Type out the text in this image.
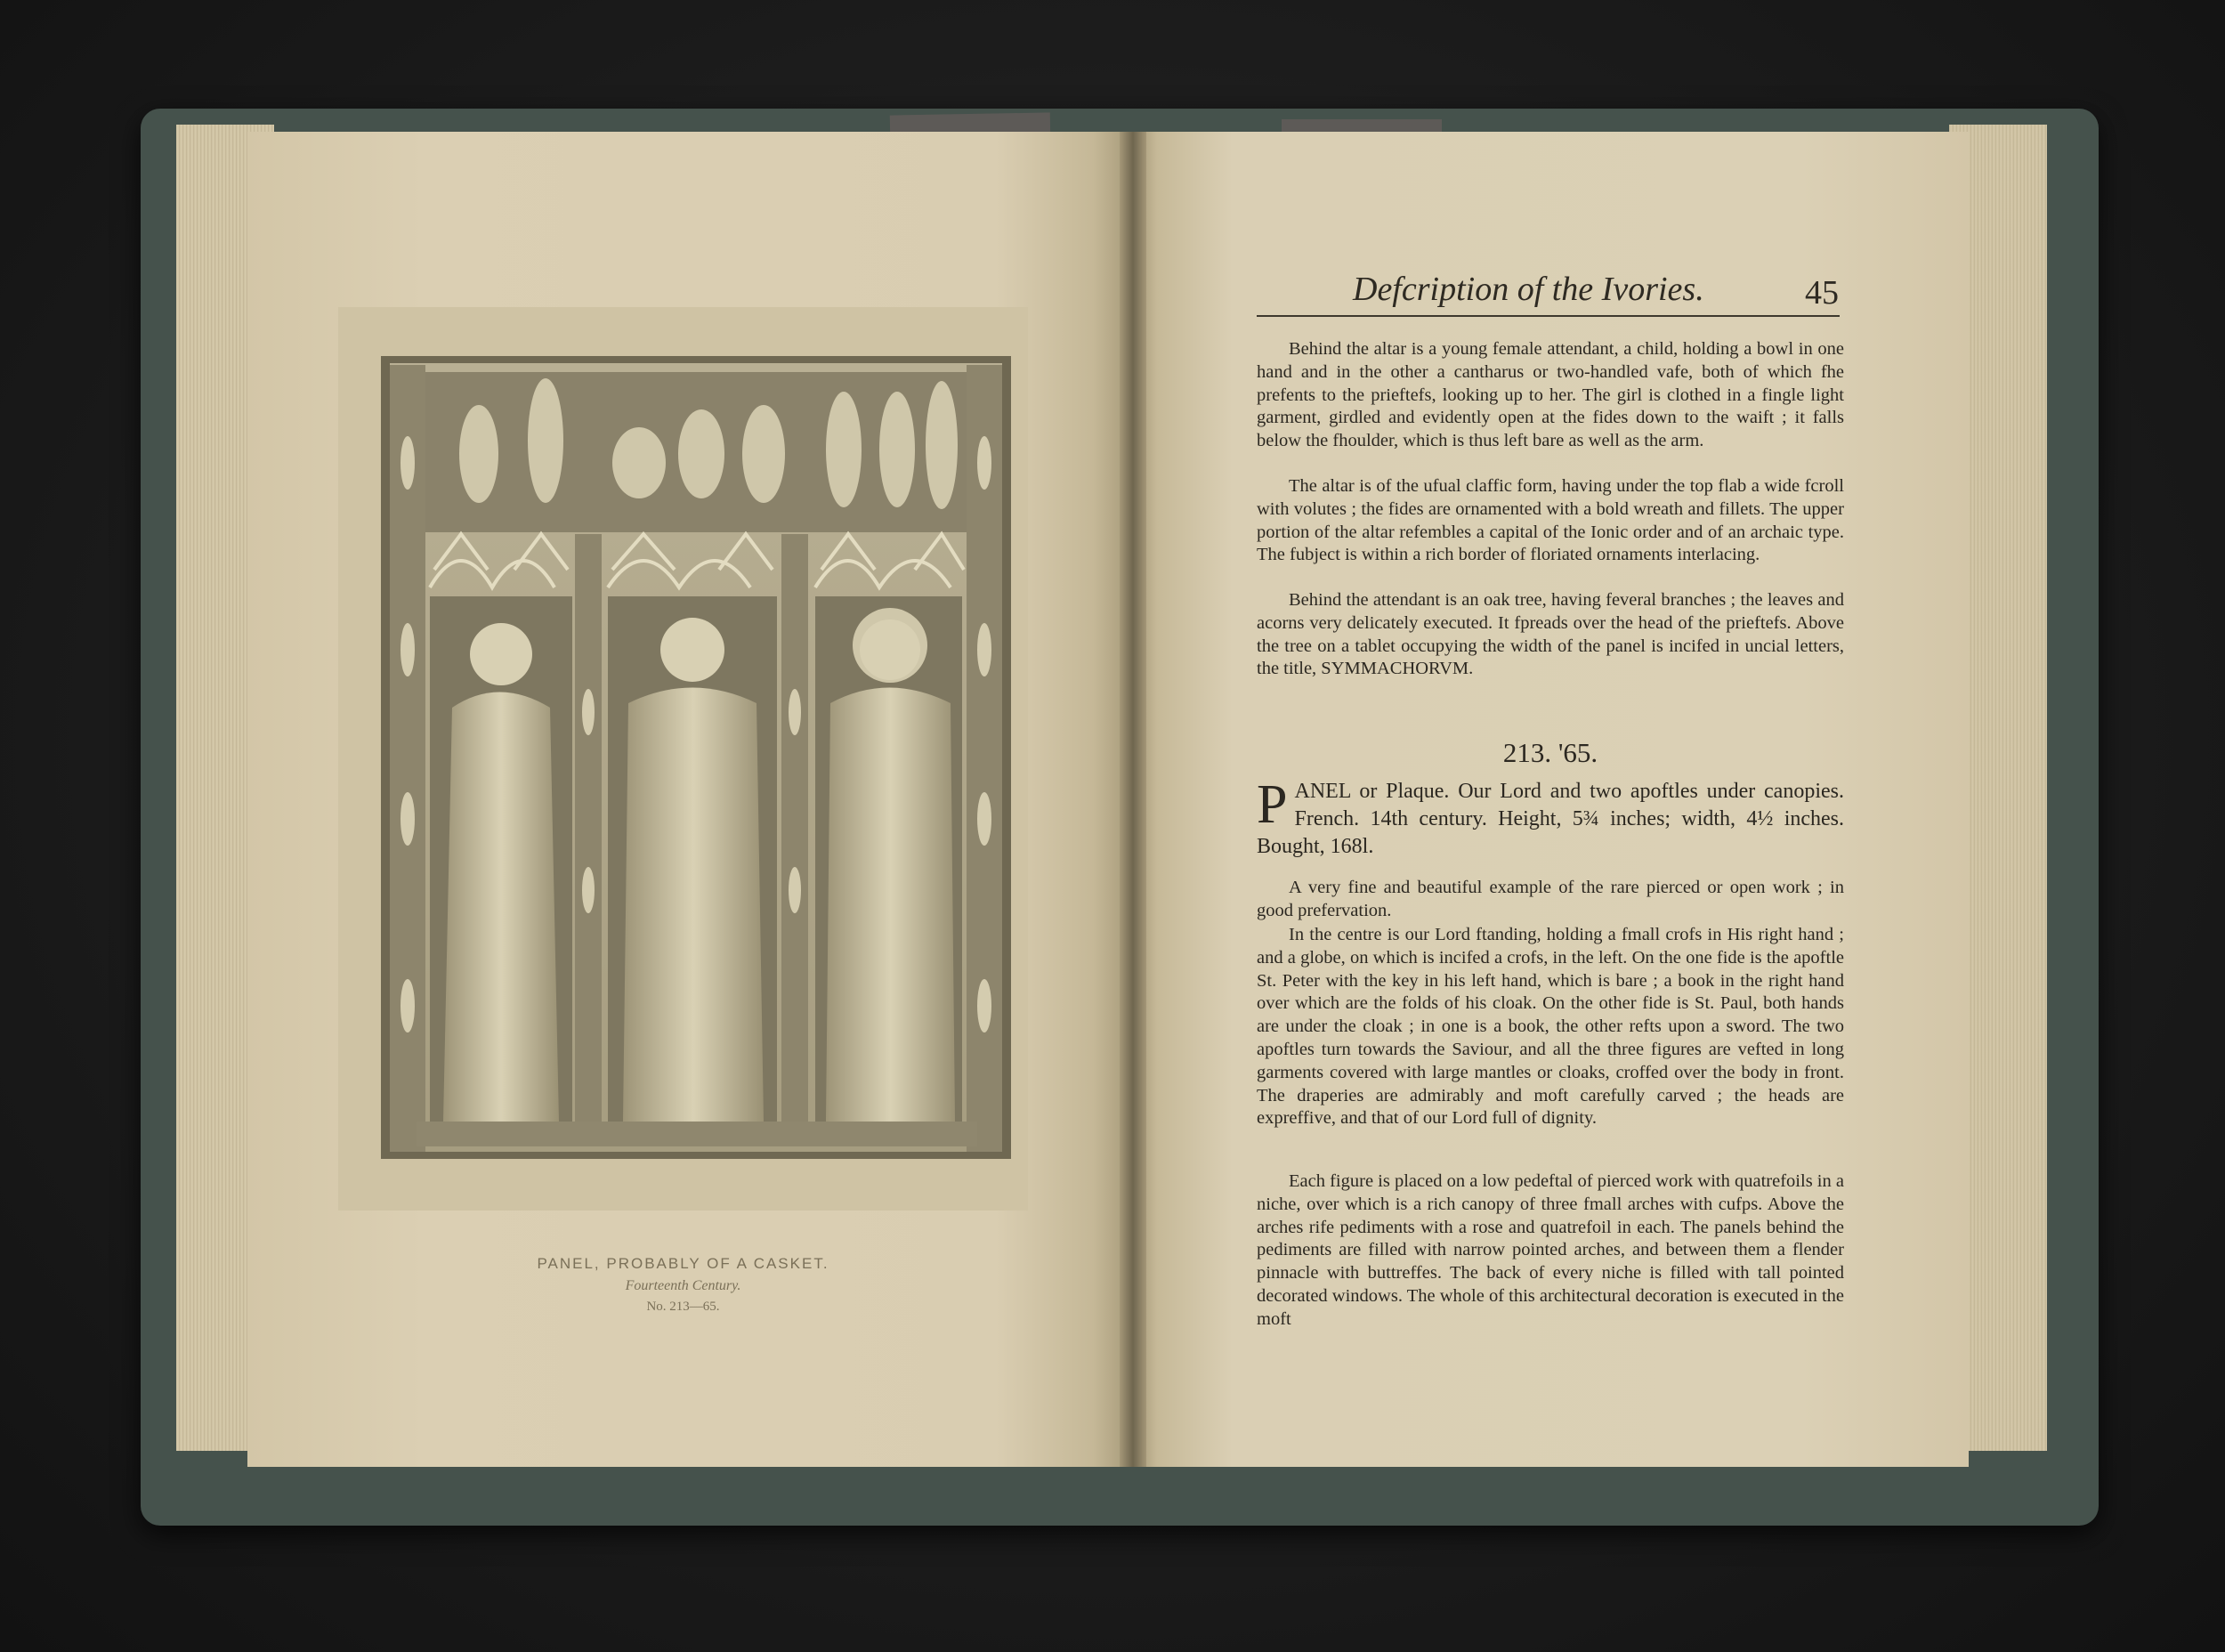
PANEL, PROBABLY OF A CASKET.
Fourteenth Century.
No. 213—65.
Defcription of the Ivories.	45

Behind the altar is a young female attendant, a child, holding a bowl in one hand and in the other a cantharus or two-handled vafe, both of which fhe prefents to the prieftefs, looking up to her. The girl is clothed in a fingle light garment, girdled and evidently open at the fides down to the waift ; it falls below the fhoulder, which is thus left bare as well as the arm.

The altar is of the ufual claffic form, having under the top flab a wide fcroll with volutes ; the fides are ornamented with a bold wreath and fillets. The upper portion of the altar refembles a capital of the Ionic order and of an archaic type. The fubject is within a rich border of floriated ornaments interlacing.

Behind the attendant is an oak tree, having feveral branches ; the leaves and acorns very delicately executed. It fpreads over the head of the prieftefs. Above the tree on a tablet occupying the width of the panel is incifed in uncial letters, the title, SYMMACHORVM.

213. '65.
PANEL or Plaque. Our Lord and two apoftles under canopies. French. 14th century. Height, 5¾ inches; width, 4½ inches. Bought, 168l.

A very fine and beautiful example of the rare pierced or open work ; in good prefervation.

In the centre is our Lord ftanding, holding a fmall crofs in His right hand ; and a globe, on which is incifed a crofs, in the left. On the one fide is the apoftle St. Peter with the key in his left hand, which is bare ; a book in the right hand over which are the folds of his cloak. On the other fide is St. Paul, both hands are under the cloak ; in one is a book, the other refts upon a sword. The two apoftles turn towards the Saviour, and all the three figures are vefted in long garments covered with large mantles or cloaks, croffed over the body in front. The draperies are admirably and moft carefully carved ; the heads are expreffive, and that of our Lord full of dignity.

Each figure is placed on a low pedeftal of pierced work with quatrefoils in a niche, over which is a rich canopy of three fmall arches with cufps. Above the arches rife pediments with a rose and quatrefoil in each. The panels behind the pediments are filled with narrow pointed arches, and between them a flender pinnacle with buttreffes. The back of every niche is filled with tall pointed decorated windows. The whole of this architectural decoration is executed in the moft
